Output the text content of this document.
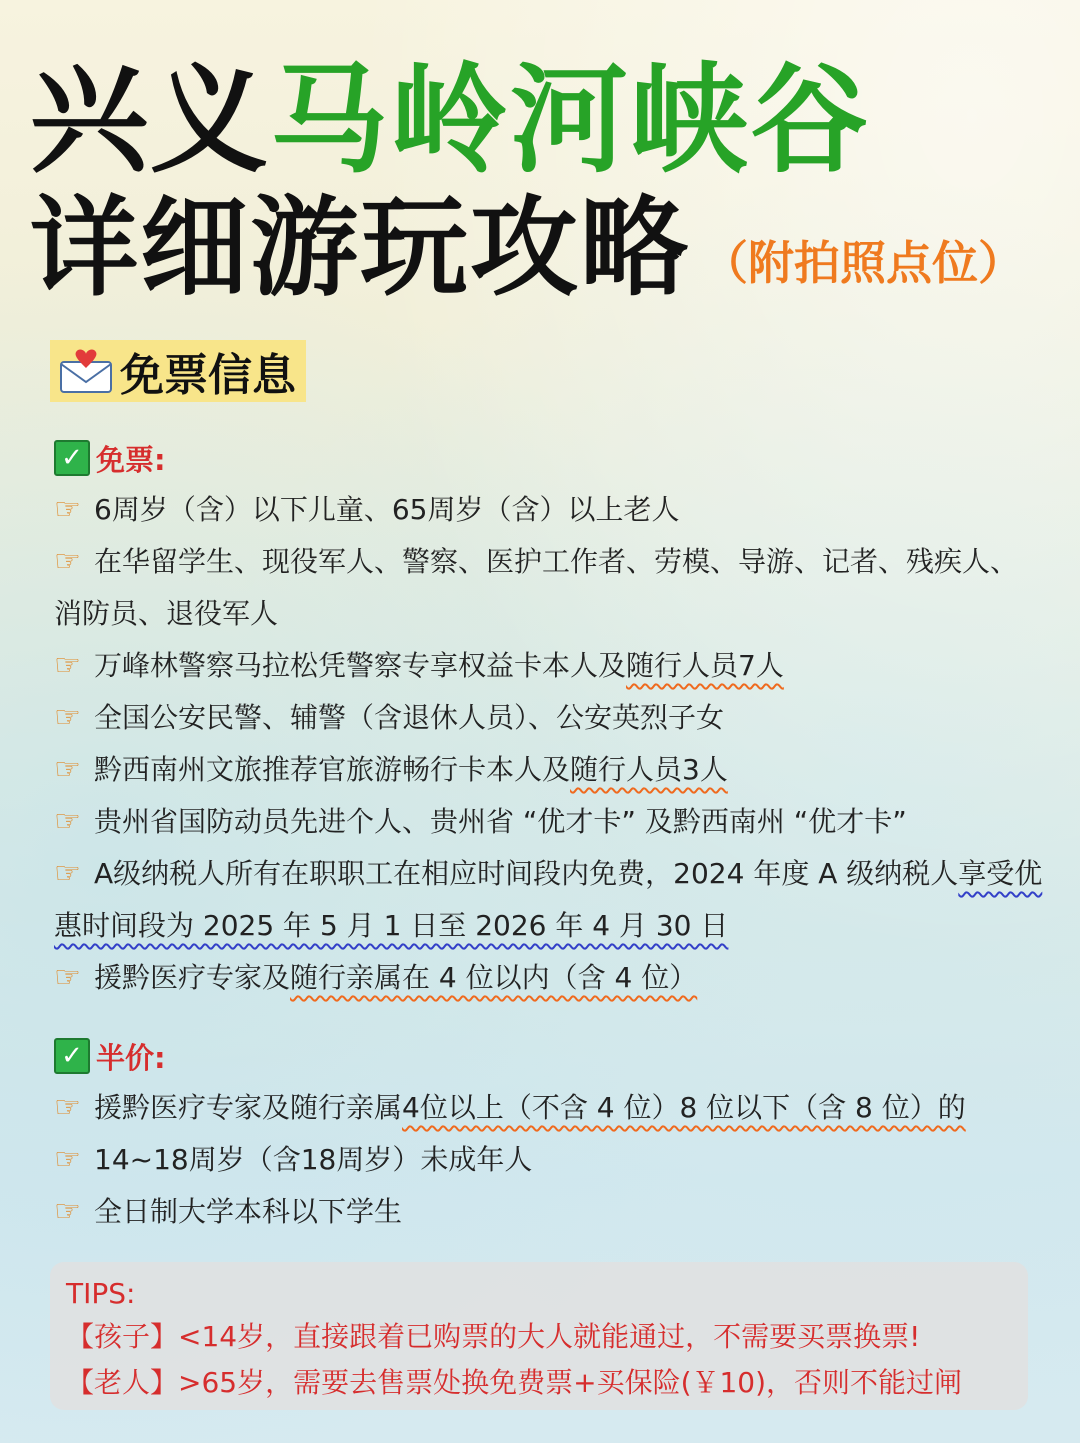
兴义马岭河峡谷
详细游玩攻略 （附拍照点位）
免票信息
✓ 免票:
☞ 6周岁（含）以下儿童、65周岁（含）以上老人
☞ 在华留学生、现役军人、警察、医护工作者、劳模、导游、记者、残疾人、消防员、退役军人
☞ 万峰林警察马拉松凭警察专享权益卡本人及随行人员7人
☞ 全国公安民警、辅警（含退休人员）、公安英烈子女
☞ 黔西南州文旅推荐官旅游畅行卡本人及随行人员3人
☞ 贵州省国防动员先进个人、贵州省 “优才卡” 及黔西南州 “优才卡”
☞ A级纳税人所有在职职工在相应时间段内免费，2024 年度 A 级纳税人享受优惠时间段为 2025 年 5 月 1 日至 2026 年 4 月 30 日
☞ 援黔医疗专家及随行亲属在 4 位以内（含 4 位）
✓ 半价:
☞ 援黔医疗专家及随行亲属4位以上（不含 4 位）8 位以下（含 8 位）的
☞ 14~18周岁（含18周岁）未成年人
☞ 全日制大学本科以下学生
TIPS:
【孩子】<14岁，直接跟着已购票的大人就能通过，不需要买票换票!
【老人】>65岁，需要去售票处换免费票+买保险(￥10)，否则不能过闸
